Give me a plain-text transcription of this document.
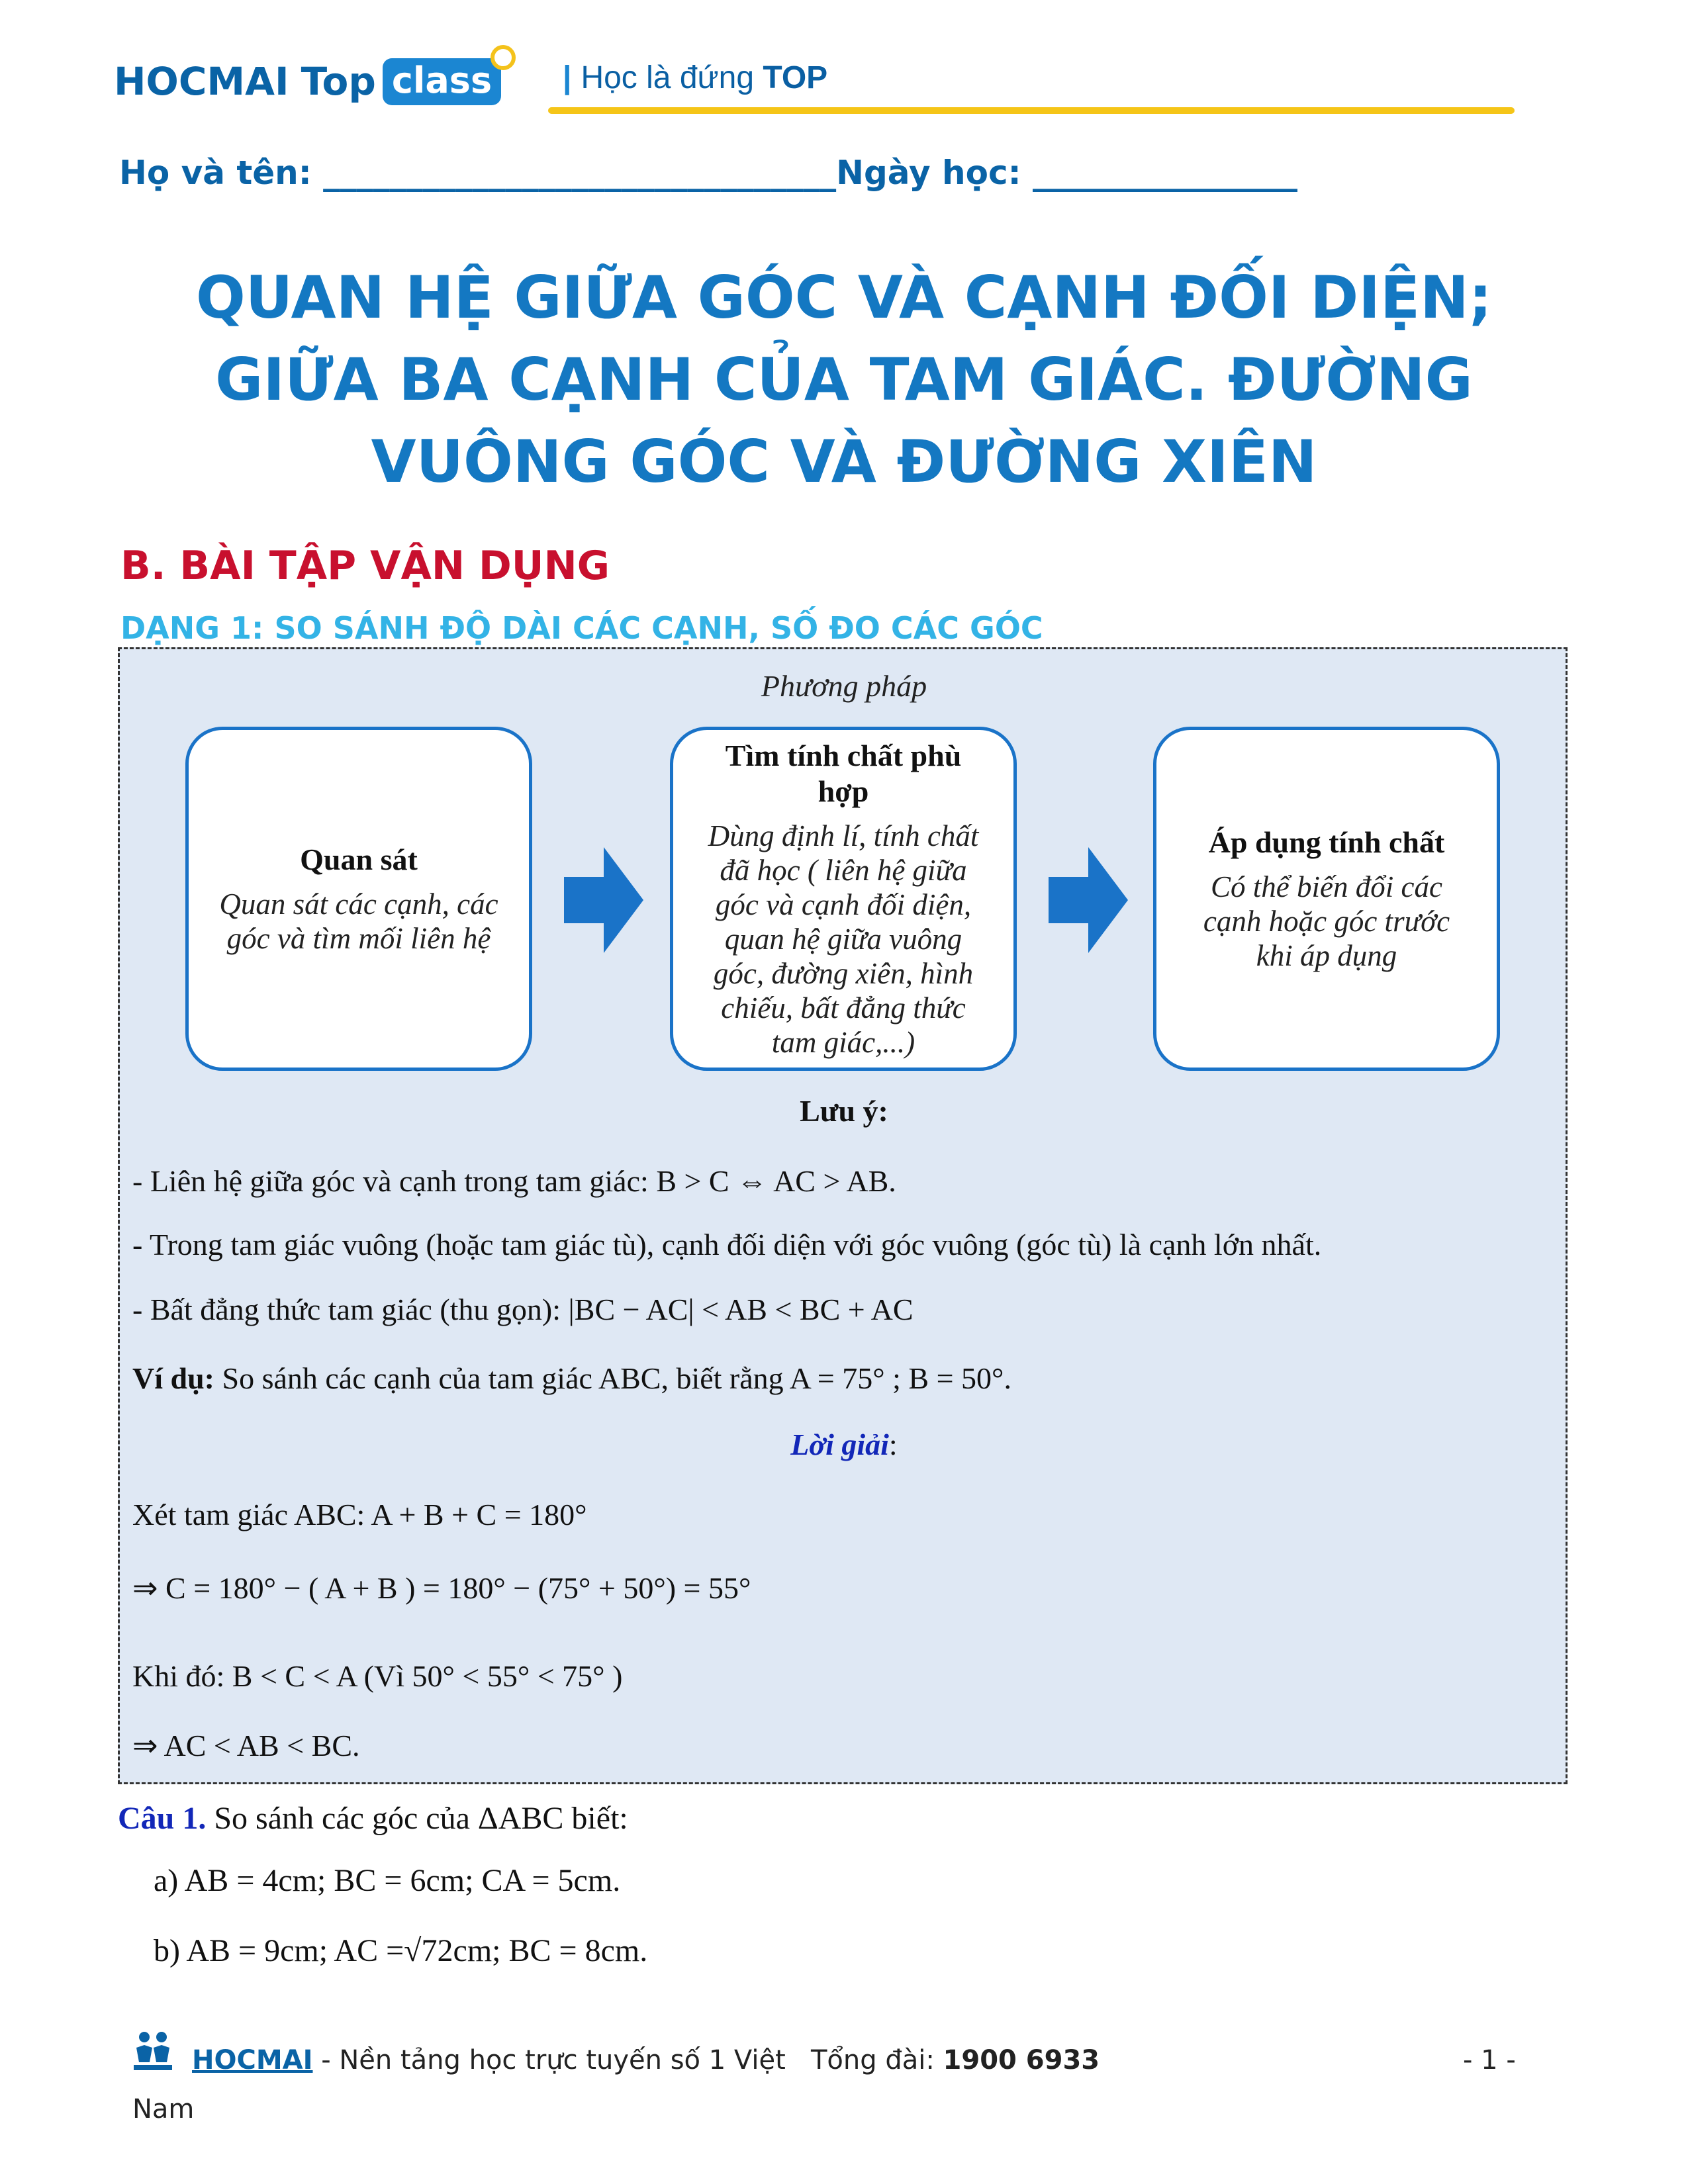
HOCMAI Top class | Học là đứng TOP
Họ và tên: _______________________________Ngày học: ________________
QUAN HỆ GIỮA GÓC VÀ CẠNH ĐỐI DIỆN;
GIỮA BA CẠNH CỦA TAM GIÁC. ĐƯỜNG
VUÔNG GÓC VÀ ĐƯỜNG XIÊN
B. BÀI TẬP VẬN DỤNG
DẠNG 1: SO SÁNH ĐỘ DÀI CÁC CẠNH, SỐ ĐO CÁC GÓC
Phương pháp
Quan sát
Quan sát các cạnh, các góc và tìm mối liên hệ
Tìm tính chất phù hợp
Dùng định lí, tính chất đã học ( liên hệ giữa góc và cạnh đối diện, quan hệ giữa vuông góc, đường xiên, hình chiếu, bất đẳng thức tam giác,...)
Áp dụng tính chất
Có thể biến đổi các cạnh hoặc góc trước khi áp dụng
Lưu ý:
- Liên hệ giữa góc và cạnh trong tam giác: B > C ⇔ AC > AB.
- Trong tam giác vuông (hoặc tam giác tù), cạnh đối diện với góc vuông (góc tù) là cạnh lớn nhất.
- Bất đẳng thức tam giác (thu gọn): |BC − AC| < AB < BC + AC
Ví dụ: So sánh các cạnh của tam giác ABC, biết rằng A = 75° ; B = 50°.
Lời giải:
Xét tam giác ABC: A + B + C = 180°
⇒ C = 180° − ( A + B ) = 180° − (75° + 50°) = 55°
Khi đó: B < C < A (Vì 50° < 55° < 75° )
⇒ AC < AB < BC.
Câu 1. So sánh các góc của ΔABC biết:
a) AB = 4cm; BC = 6cm; CA = 5cm.
b) AB = 9cm; AC =√72cm; BC = 8cm.
HOCMAI - Nền tảng học trực tuyến số 1 Việt Tổng đài: 1900 6933	- 1 -
Nam
